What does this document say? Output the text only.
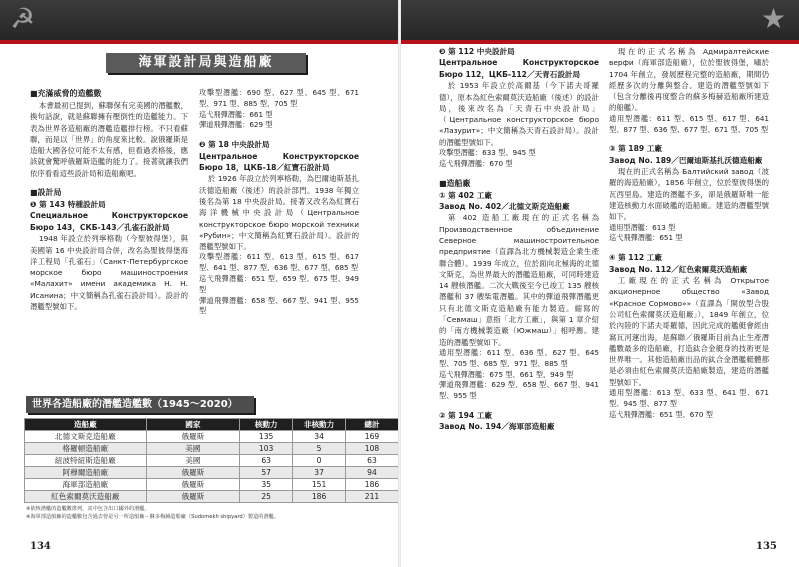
☭
海軍設計局與造船廠

■充滿威脅的造艦數

本書最初已提到，蘇聯保有完美國的潛艦數，換句話說，就是蘇聯擁有壓倒性的造艦能力。下表為世界各造船廠的潛艦造艦排行榜。不只看蘇聯，而是以「世界」的角度來比較。說俄羅斯是造船大國各位可能不太有感，但看過表格後，應該就會驚呼俄羅斯造艦的能力了。接著就讓我們依序看看這些設計局和造船廠吧。

■設計局

❶ 第 143 特種設計局

Специальное Конструкторское Бюро 143，СКБ-143／孔雀石設計局

1948 年設立於列寧格勒（今聖彼得堡），與美國第 16 中央設計局合併，改名為聖彼得堡海洋工程局「孔雀石」（Санкт-Петербургское морское бюро машиностроения «Малахит» имени академика Н. Н. Исанина；中文簡稱為孔雀石設計局）。設計的潛艦型號如下。

攻擊型潛艦：690 型、627 型、645 型、671 型、971 型、885 型、705 型

巡弋飛彈潛艦：661 型

彈道飛彈潛艦：629 型

❷ 第 18 中央設計局

Центральное Конструкторское Бюро 18，ЦКБ-18／紅寶石設計局

於 1926 年設立於列寧格勒，為巴爾迪斯基扎沃德造船廠（後述）的設計部門。1938 年獨立後名為第 18 中央設計局。接著又改名為紅寶石海洋機械中央設計局（Центральное конструкторское бюро морской техники «Рубин»；中文簡稱為紅寶石設計局）。設計的潛艦型號如下。

攻擊型潛艦：611 型、613 型、615 型、617 型、641 型、877 型、636 型、677 型、685 型

巡弋飛彈潛艦：651 型、659 型、675 型、949 型

彈道飛彈潛艦：658 型、667 型、941 型、955 型

世界各造船廠的潛艦造艦數（1945～2020）
造船廠	國家	核動力	非核動力	總計
北德文斯克造船廠	俄羅斯	135	34	169
格羅頓造船廠	美國	103	5	108
紐波特紐斯造船廠	美國	63	0	63
阿穆爾造船廠	俄羅斯	57	37	94
海軍部造船廠	俄羅斯	35	151	186
紅色索爾莫沃造船廠	俄羅斯	25	186	211
※依核潛艦的造艦數排列，其中包含出口國外的潛艦。
※海軍部造船廠的造艦數包含過去曾是另一所造船廠－蘇多梅赫造船廠（Sudomekh shipyard）製造的潛艦。
134
★

❸ 第 112 中央設計局

Центральное Конструкторское Бюро 112，ЦКБ-112／天青石設計局

於 1953 年設立於高爾基（今下諾夫哥羅德），原本為紅色索爾莫沃造船廠（後述）的設計局，後來改名為「天青石中央設計局」（Центральное конструкторское бюро «Лазурит»；中文簡稱為天青石設計局）。設計的潛艦型號如下。

攻擊型潛艦：633 型、945 型

巡弋飛彈潛艦：670 型

■造船廠

① 第 402 工廠

Завод No. 402／北德文斯克造船廠

第 402 造船工廠現在的正式名稱為 Производственное объединение Северное машиностроительное предприятие（直譯為北方機械製造企業生產聯合體）。1939 年成立，位於面向北極海的北德文斯克，為世界最大的潛艦造船廠，可同時建造 14 艘核潛艦。二次大戰後至今已竣工 135 艘核潛艦和 37 艘柴電潛艦。其中的彈道飛彈潛艦更只有北德文斯克造船廠有能力製造。縮寫的「Севмаш」意指「北方工廠」，與第 1 章介紹的「南方機械製造廠（Южмаш）」相呼應。建造的潛艦型號如下。

通用型潛艦：611 型、636 型、627 型、645 型、705 型、685 型、971 型、885 型

巡弋飛彈潛艦：675 型、661 型、949 型

彈道飛彈潛艦：629 型、658 型、667 型、941 型、955 型

② 第 194 工廠

Завод No. 194／海軍部造船廠

現在的正式名稱為 Адмиралтейские верфи（海軍部造船廠），位於聖彼得堡，嘯於 1704 年創立，發展歷程完整的造船廠，期間仍經歷多次的分離與整合。建造的潛艦型號如下（包含分離後再度整合的蘇多梅赫造船廠所建造的船艦）。

通用型潛艦：611 型、615 型、617 型、641 型、877 型、636 型、677 型、671 型、705 型

③ 第 189 工廠

Завод No. 189／巴爾迪斯基扎沃德造船廠

現在的正式名稱為 Балтийский завод（波羅的海造船廠），1856 年創立，位於聖彼得堡的瓦西里島。建造的潛艦不多，卻是俄羅斯唯一能建造核動力水面破艦的造船廠。建造的潛艦型號如下。

通用型潛艦：613 型

巡弋飛彈潛艦：651 型

④ 第 112 工廠

Завод No. 112／紅色索爾莫沃造船廠

工廠現在的正式名稱為 Открытое акционерное общество «Завод «Красное Сормово»»（直譯為「開放型合股公司紅色索爾莫沃造船廠」），1849 年創立，位於內陸的下諾夫哥羅德，因此完成的艦艇會經由窩瓦河運出海，是蘇聯／俄羅斯目前為止生產潛艦數最多的造船廠，打造鈦合金艇身的技術更是世界唯一。其他造船廠出品的鈦合金潛艦艇體都是必須由紅色索爾莫沃造船廠製造，建造的潛艦型號如下。

通用型潛艦：613 型、633 型、641 型、671 型、945 型、877 型

巡弋飛彈潛艦：651 型、670 型

135
